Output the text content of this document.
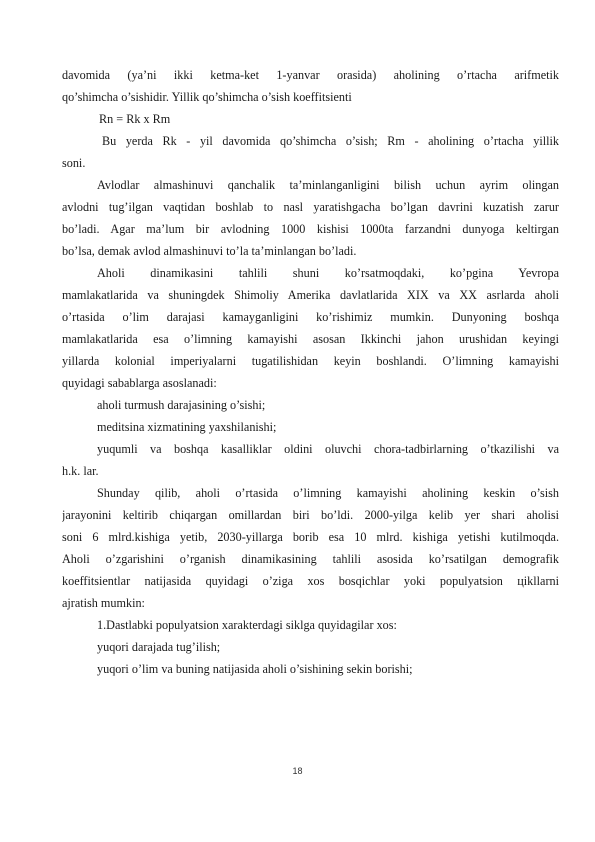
davomida (ya’ni ikki ketma-ket 1-yanvar orasida) aholining o’rtacha arifmetik
qo’shimcha o’sishidir. Yillik qo’shimcha o’sish koeffitsienti
Rn = Rk x Rm
Bu yerda Rk - yil davomida qo’shimcha o’sish; Rm - aholining o’rtacha yillik
soni.
Avlodlar almashinuvi qanchalik ta’minlanganligini bilish uchun ayrim olingan
avlodni tug’ilgan vaqtidan boshlab to nasl yaratishgacha bo’lgan davrini kuzatish zarur
bo’ladi. Agar ma’lum bir avlodning 1000 kishisi 1000ta farzandni dunyoga keltirgan
bo’lsa, demak avlod almashinuvi to’la ta’minlangan bo’ladi.
Aholi dinamikasini tahlili shuni ko’rsatmoqdaki, ko’pgina Yevropa
mamlakatlarida va shuningdek Shimoliy Amerika davlatlarida XIX va XX asrlarda aholi
o’rtasida o’lim darajasi kamayganligini ko’rishimiz mumkin. Dunyoning boshqa
mamlakatlarida esa o’limning kamayishi asosan Ikkinchi jahon urushidan keyingi
yillarda kolonial imperiyalarni tugatilishidan keyin boshlandi. O’limning kamayishi
quyidagi sabablarga asoslanadi:
aholi turmush darajasining o’sishi;
meditsina xizmatining yaxshilanishi;
yuqumli va boshqa kasalliklar oldini oluvchi chora-tadbirlarning o’tkazilishi va
h.k. lar.
Shunday qilib, aholi o’rtasida o’limning kamayishi aholining keskin o’sish
jarayonini keltirib chiqargan omillardan biri bo’ldi. 2000-yilga kelib yer shari aholisi
soni 6 mlrd.kishiga yetib, 2030-yillarga borib esa 10 mlrd. kishiga yetishi kutilmoqda.
Aholi o’zgarishini o’rganish dinamikasining tahlili asosida ko’rsatilgan demografik
koeffitsientlar natijasida quyidagi o’ziga xos bosqichlar yoki populyatsion цikllarni
ajratish mumkin:
1.Dastlabki populyatsion xarakterdagi siklga quyidagilar xos:
yuqori darajada tug’ilish;
yuqori o’lim va buning natijasida aholi o’sishining sekin borishi;
18
